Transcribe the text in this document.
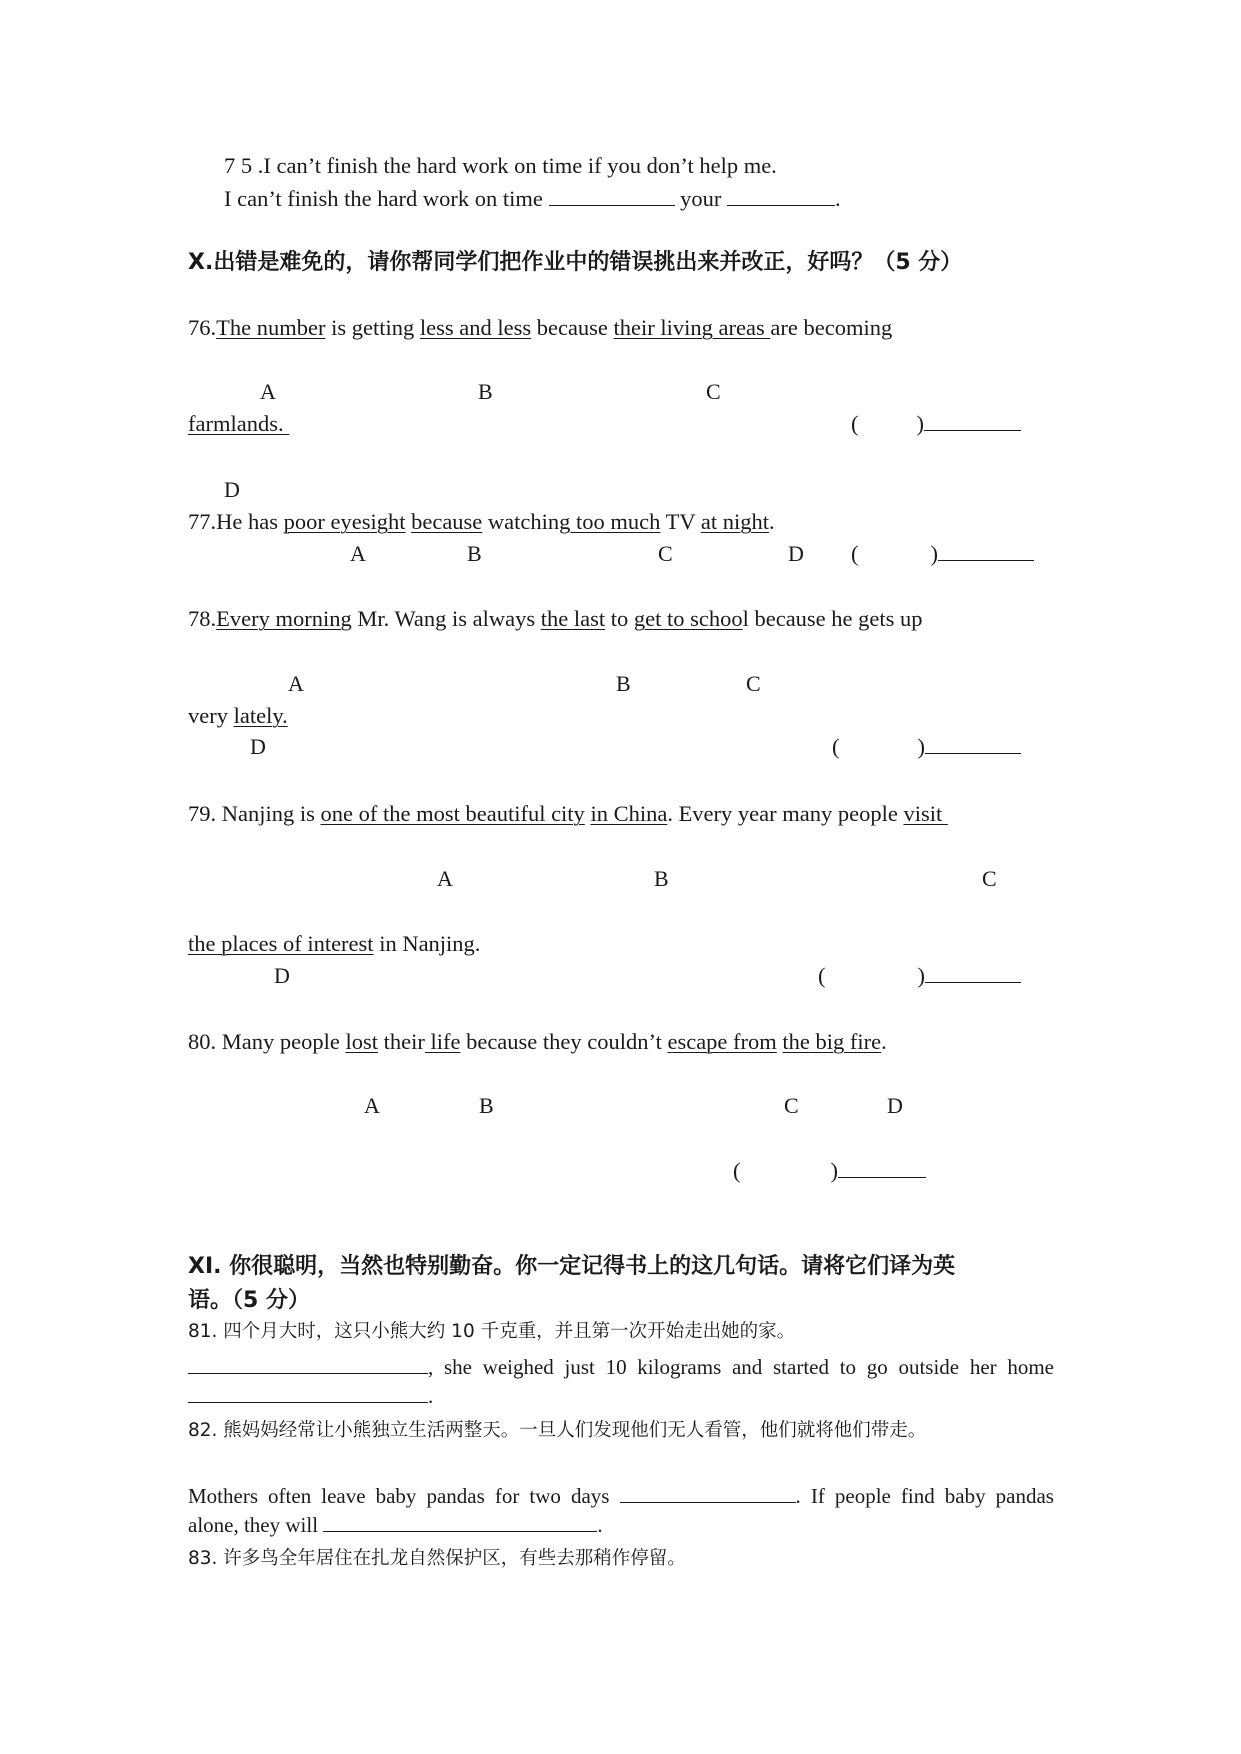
7 5 .I can’t finish the hard work on time if you don’t help me.
I can’t finish the hard work on time	your	.
X.出错是难免的，请你帮同学们把作业中的错误挑出来并改正，好吗？（5 分）
76.The number is getting less and less because their living areas are becoming
A	B	C
farmlands.	(	)
D
77.He has poor eyesight because watching too much TV at night.
A	B	C	D (	)
78.Every morning Mr. Wang is always the last to get to school because he gets up
A	B	C
very lately.
D	(	)
79. Nanjing is one of the most beautiful city in China. Every year many people visit
A	B	C
the places of interest in Nanjing.
D	(	)
80. Many people lost their life because they couldn’t escape from the big fire.
A	B	C	D
(	)
XI. 你很聪明，当然也特别勤奋。你一定记得书上的这几句话。请将它们译为英
语。（5 分）
81. 四个月大时，这只小熊大约 10 千克重，并且第一次开始走出她的家。
, she weighed just 10 kilograms and started to go outside her home
.
82. 熊妈妈经常让小熊独立生活两整天。一旦人们发现他们无人看管，他们就将他们带走。
Mothers often leave baby pandas for two days	. If people find baby pandas
alone, they will	.
83. 许多鸟全年居住在扎龙自然保护区，有些去那稍作停留。
